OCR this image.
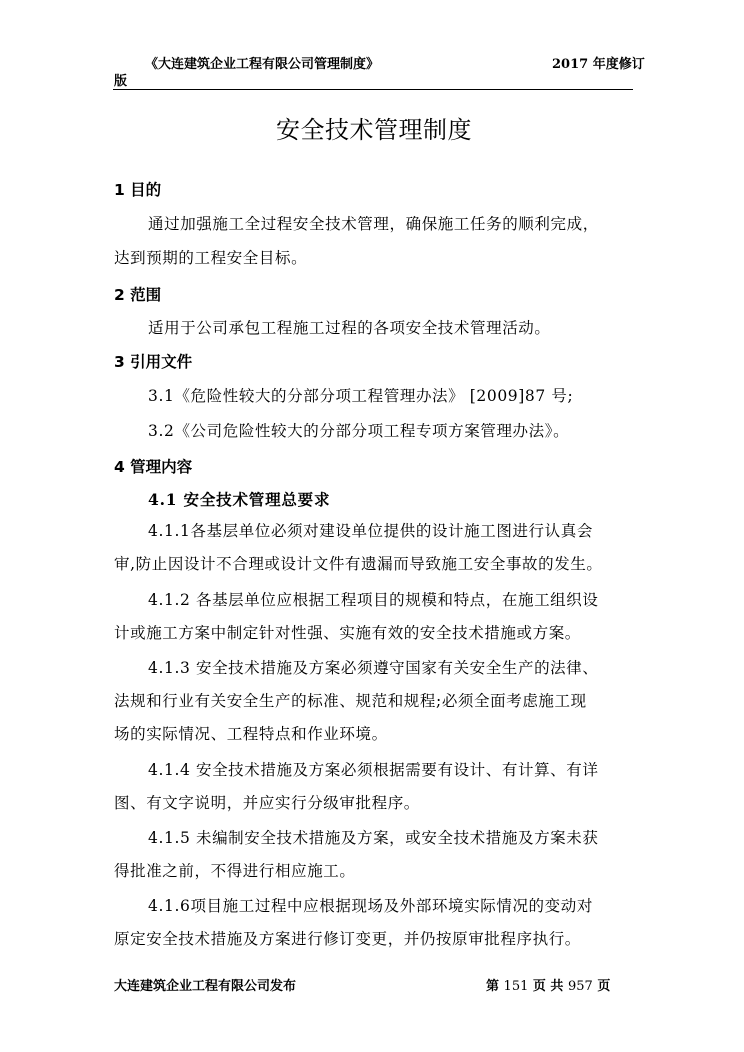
《大连建筑企业工程有限公司管理制度》	2017 年度修订
版
安全技术管理制度
1 目的
通过加强施工全过程安全技术管理，确保施工任务的顺利完成，
达到预期的工程安全目标。
2 范围
适用于公司承包工程施工过程的各项安全技术管理活动。
3 引用文件
3.1《危险性较大的分部分项工程管理办法》 [2009]87 号;
3.2《公司危险性较大的分部分项工程专项方案管理办法》。
4 管理内容
4.1 安全技术管理总要求
4.1.1各基层单位必须对建设单位提供的设计施工图进行认真会
审,防止因设计不合理或设计文件有遗漏而导致施工安全事故的发生。
4.1.2 各基层单位应根据工程项目的规模和特点，在施工组织设
计或施工方案中制定针对性强、实施有效的安全技术措施或方案。
4.1.3 安全技术措施及方案必须遵守国家有关安全生产的法律、
法规和行业有关安全生产的标准、规范和规程;必须全面考虑施工现
场的实际情况、工程特点和作业环境。
4.1.4 安全技术措施及方案必须根据需要有设计、有计算、有详
图、有文字说明，并应实行分级审批程序。
4.1.5 未编制安全技术措施及方案，或安全技术措施及方案未获
得批准之前，不得进行相应施工。
4.1.6项目施工过程中应根据现场及外部环境实际情况的变动对
原定安全技术措施及方案进行修订变更，并仍按原审批程序执行。
大连建筑企业工程有限公司发布	第 151 页 共 957 页
